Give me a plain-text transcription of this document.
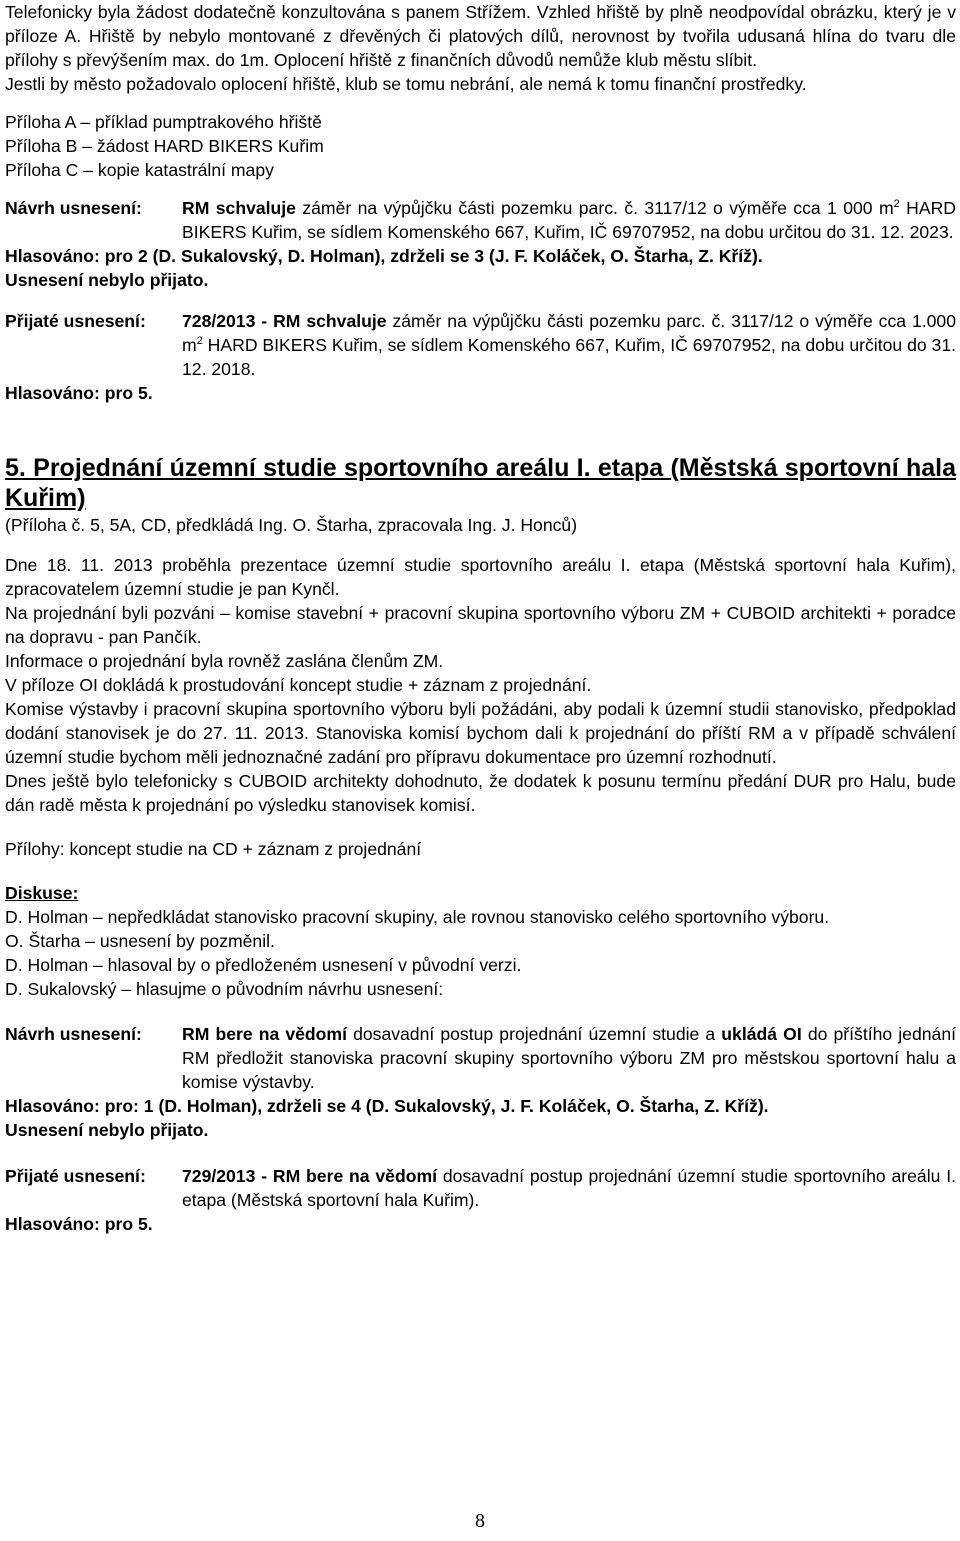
Telefonicky byla žádost dodatečně konzultována s panem Střížem. Vzhled hřiště by plně neodpovídal obrázku, který je v příloze A. Hřiště by nebylo montované z dřevěných či platových dílů, nerovnost by tvořila udusaná hlína do tvaru dle přílohy s převýšením max. do 1m. Oplocení hřiště z finančních důvodů nemůže klub městu slíbit.

Jestli by město požadovalo oplocení hřiště, klub se tomu nebrání, ale nemá k tomu finanční prostředky.

Příloha A – příklad pumptrakového hřiště

Příloha B – žádost HARD BIKERS Kuřim

Příloha C – kopie katastrální mapy

Návrh usnesení:	RM schvaluje záměr na výpůjčku části pozemku parc. č. 3117/12 o výměře cca 1 000 $m^2$ HARD BIKERS Kuřim, se sídlem Komenského 667, Kuřim, IČ 69707952, na dobu určitou do 31. 12. 2023.

Hlasováno: pro 2 (D. Sukalovský, D. Holman), zdrželi se 3 (J. F. Koláček, O. Štarha, Z. Kříž).

Usnesení nebylo přijato.

Přijaté usnesení:	728/2013 - RM schvaluje záměr na výpůjčku části pozemku parc. č. 3117/12 o výměře cca 1.000 $m^2$ HARD BIKERS Kuřim, se sídlem Komenského 667, Kuřim, IČ 69707952, na dobu určitou do 31. 12. 2018.

Hlasováno: pro 5.

5. Projednání územní studie sportovního areálu I. etapa (Městská sportovní hala Kuřim)

(Příloha č. 5, 5A, CD, předkládá Ing. O. Štarha, zpracovala Ing. J. Honců)

Dne 18. 11. 2013 proběhla prezentace územní studie sportovního areálu I. etapa (Městská sportovní hala Kuřim), zpracovatelem územní studie je pan Kynčl.

Na projednání byli pozváni – komise stavební + pracovní skupina sportovního výboru ZM + CUBOID architekti + poradce na dopravu - pan Pančík.

Informace o projednání byla rovněž zaslána členům ZM.

V příloze OI dokládá k prostudování koncept studie + záznam z projednání.

Komise výstavby i pracovní skupina sportovního výboru byli požádáni, aby podali k územní studii stanovisko, předpoklad dodání stanovisek je do 27. 11. 2013. Stanoviska komisí bychom dali k projednání do příští RM a v případě schválení územní studie bychom měli jednoznačné zadání pro přípravu dokumentace pro územní rozhodnutí.

Dnes ještě bylo telefonicky s CUBOID architekty dohodnuto, že dodatek k posunu termínu předání DUR pro Halu, bude dán radě města k projednání po výsledku stanovisek komisí.

Přílohy: koncept studie na CD + záznam z projednání

Diskuse:

D. Holman – nepředkládat stanovisko pracovní skupiny, ale rovnou stanovisko celého sportovního výboru.

O. Štarha – usnesení by pozměnil.

D. Holman – hlasoval by o předloženém usnesení v původní verzi.

D. Sukalovský – hlasujme o původním návrhu usnesení:

Návrh usnesení:	RM bere na vědomí dosavadní postup projednání územní studie a ukládá OI do příštího jednání RM předložit stanoviska pracovní skupiny sportovního výboru ZM pro městskou sportovní halu a komise výstavby.

Hlasováno: pro: 1 (D. Holman), zdrželi se 4 (D. Sukalovský, J. F. Koláček, O. Štarha, Z. Kříž).

Usnesení nebylo přijato.

Přijaté usnesení:	729/2013 - RM bere na vědomí dosavadní postup projednání územní studie sportovního areálu I. etapa (Městská sportovní hala Kuřim).

Hlasováno: pro 5.

8
